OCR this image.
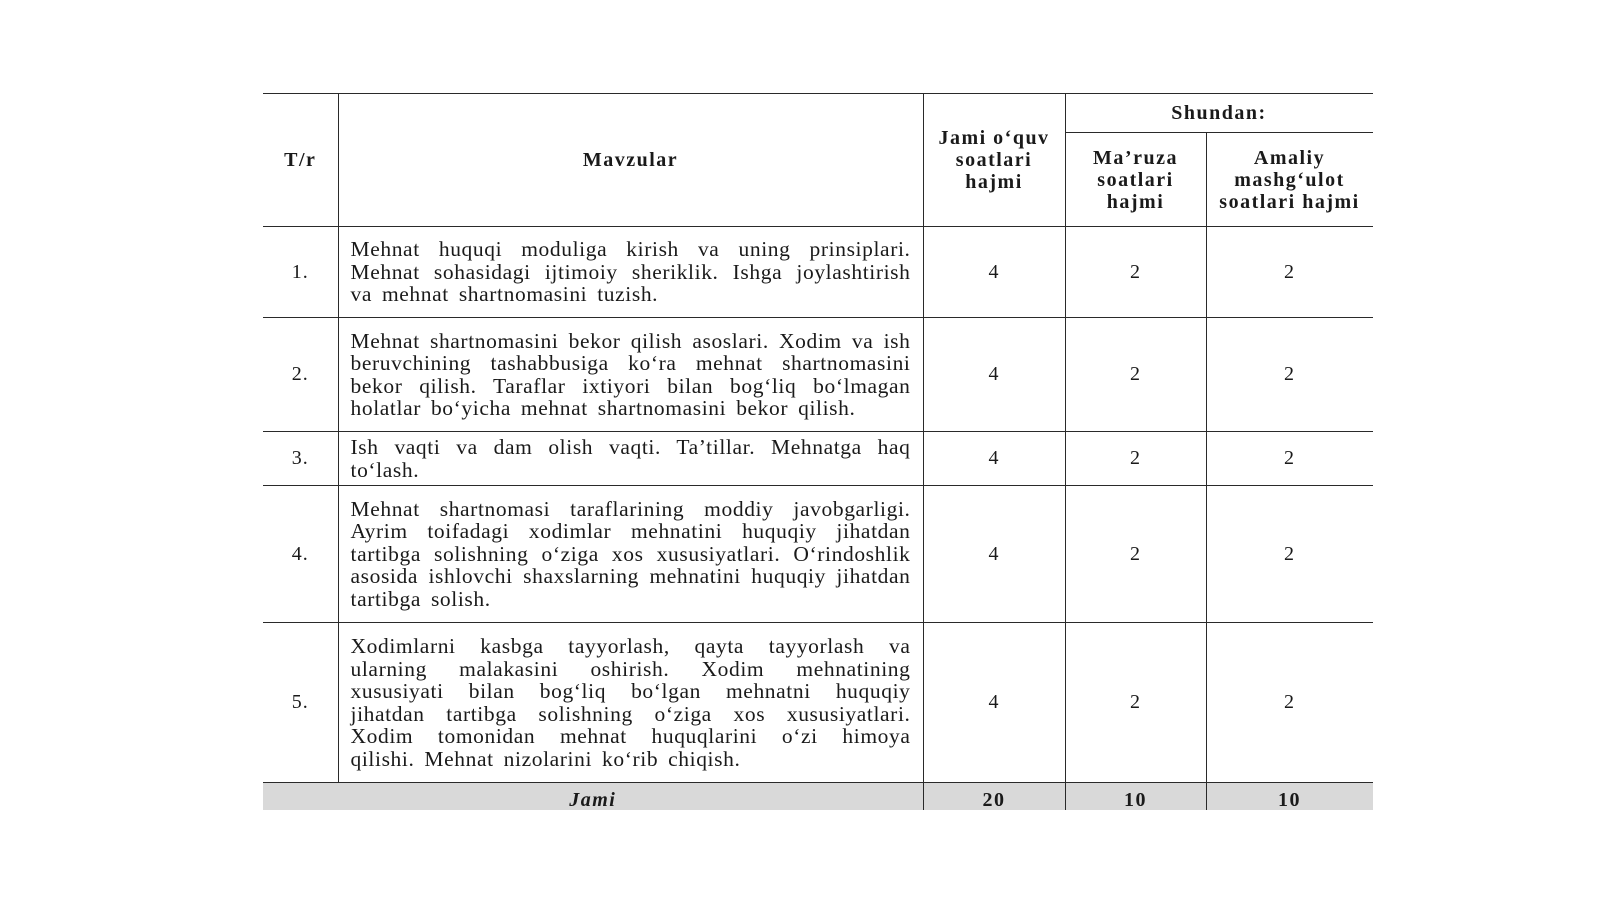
T/r	Mavzular	Jami o‘quv soatlari hajmi	Shundan:	
			Ma’ruza soatlari hajmi	Amaliy mashg‘ulot soatlari hajmi
1.	Mehnat huquqi moduliga kirish va uning prinsiplari. Mehnat sohasidagi ijtimoiy sheriklik. Ishga joylashtirish va mehnat shartnomasini tuzish.	4	2	2
2.	Mehnat shartnomasini bekor qilish asoslari. Xodim va ish beruvchining tashabbusiga ko‘ra mehnat shartnomasini bekor qilish. Taraflar ixtiyori bilan bog‘liq bo‘lmagan holatlar bo‘yicha mehnat shartnomasini bekor qilish.	4	2	2
3.	Ish vaqti va dam olish vaqti. Ta’tillar. Mehnatga haq to‘lash.	4	2	2
4.	Mehnat shartnomasi taraflarining moddiy javobgarligi. Ayrim toifadagi xodimlar mehnatini huquqiy jihatdan tartibga solishning o‘ziga xos xususiyatlari. O‘rindoshlik asosida ishlovchi shaxslarning mehnatini huquqiy jihatdan tartibga solish.	4	2	2
5.	Xodimlarni kasbga tayyorlash, qayta tayyorlash va ularning malakasini oshirish. Xodim mehnatining xususiyati bilan bog‘liq bo‘lgan mehnatni huquqiy jihatdan tartibga solishning o‘ziga xos xususiyatlari. Xodim tomonidan mehnat huquqlarini o‘zi himoya qilishi. Mehnat nizolarini ko‘rib chiqish.	4	2	2
Jami		20	10	10
